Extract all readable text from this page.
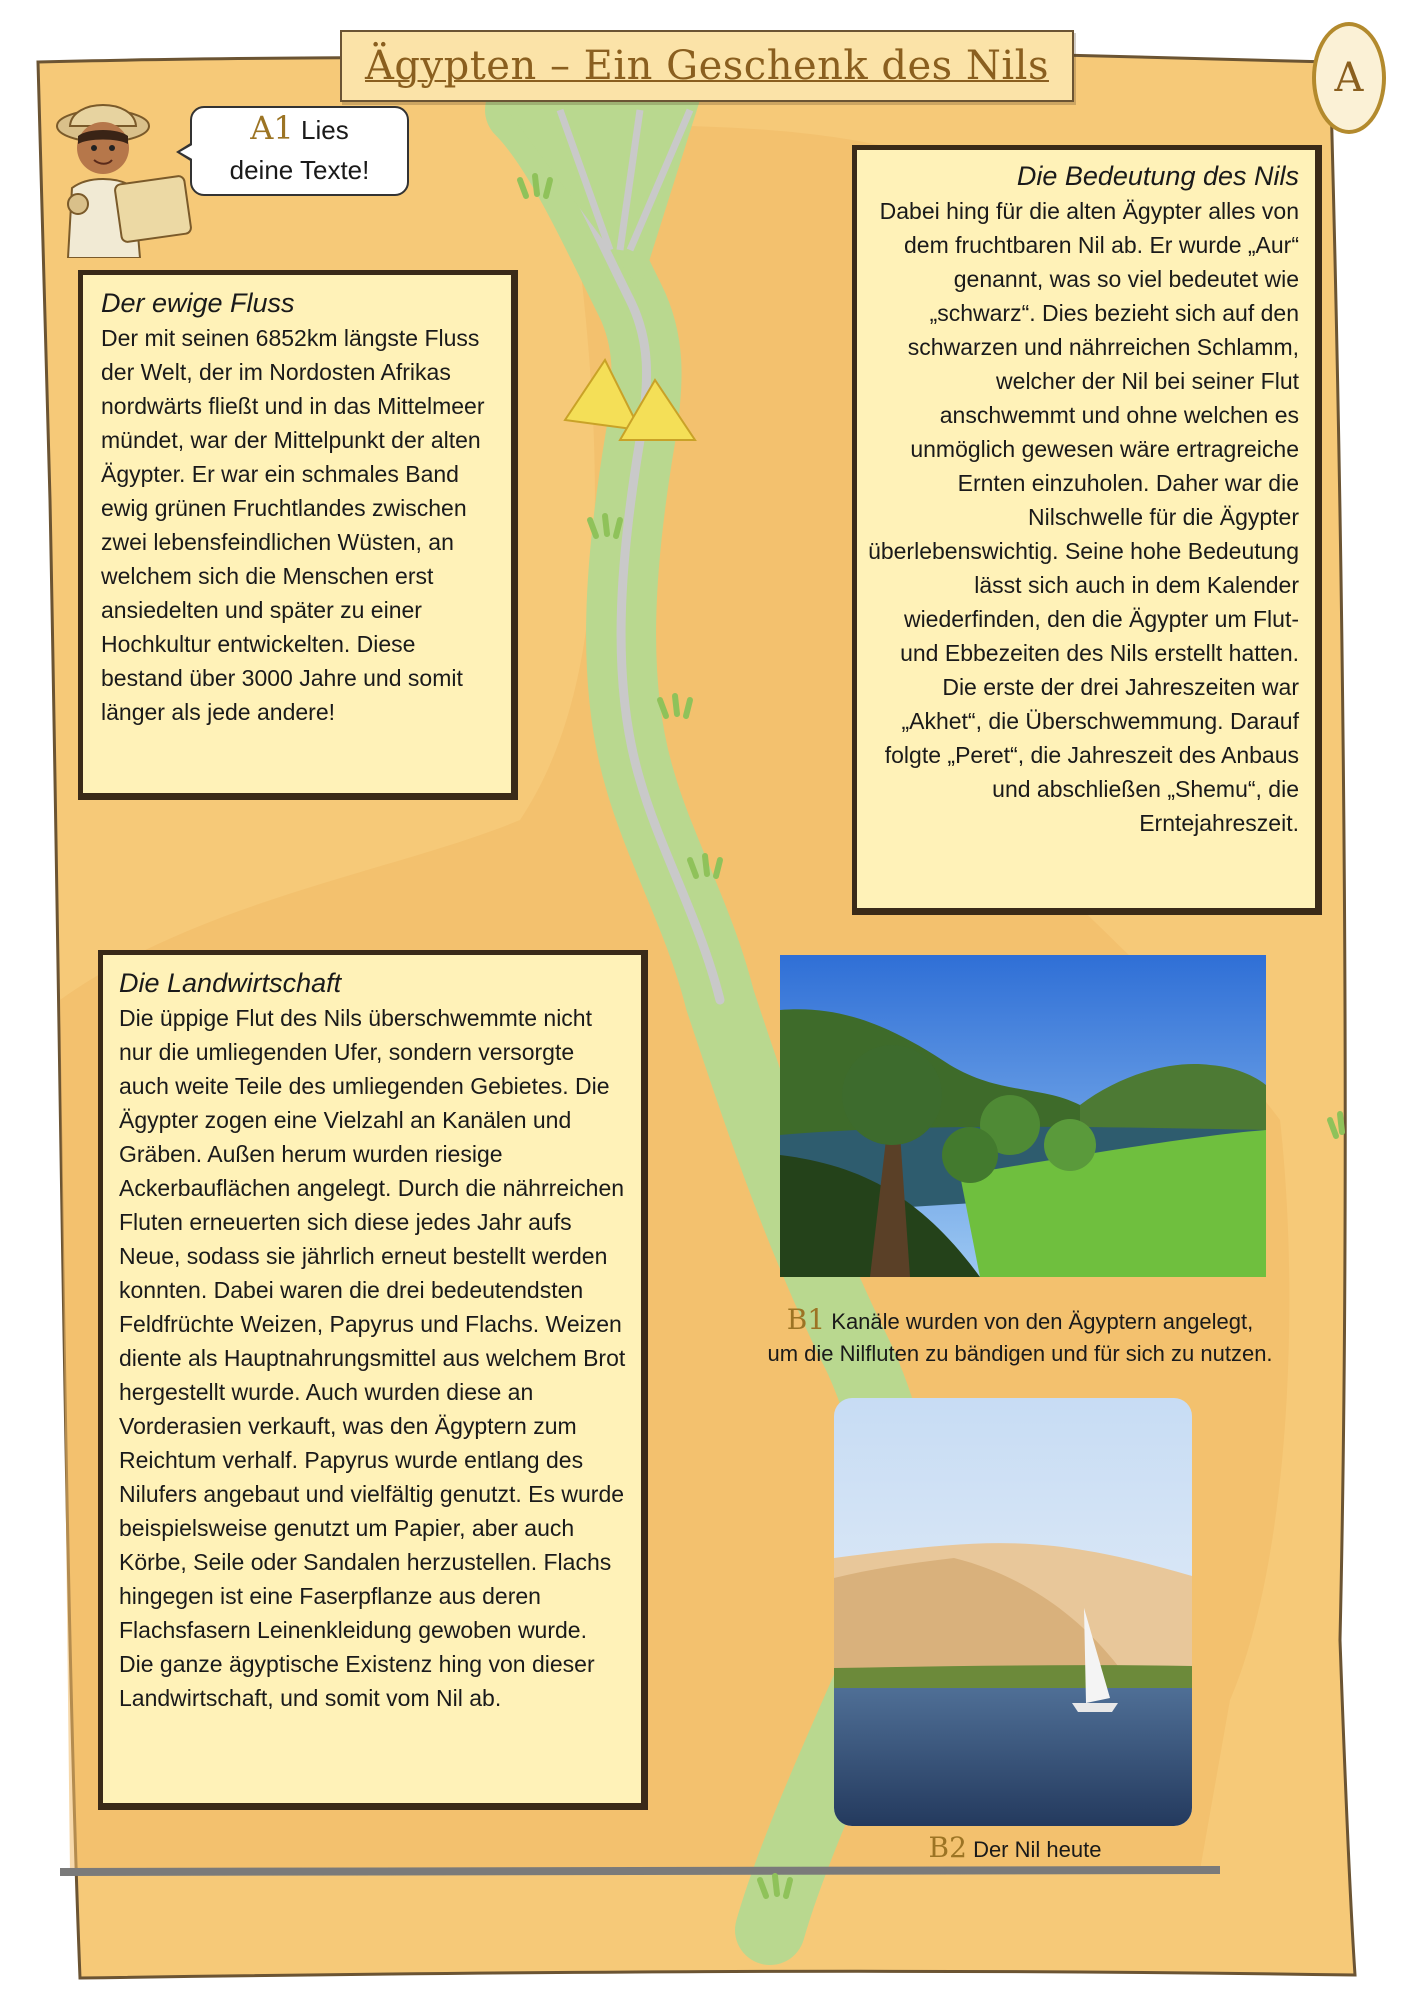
Ägypten – Ein Geschenk des Nils	A
A1 Lies
deine Texte!
Der ewige Fluss

Der mit seinen 6852km längste Fluss der Welt, der im Nordosten Afrikas nordwärts fließt und in das Mittelmeer mündet, war der Mittelpunkt der alten Ägypter. Er war ein schmales Band ewig grünen Fruchtlandes zwischen zwei lebensfeindlichen Wüsten, an welchem sich die Menschen erst ansiedelten und später zu einer Hochkultur entwickelten. Diese bestand über 3000 Jahre und somit länger als jede andere!

Die Bedeutung des Nils

Dabei hing für die alten Ägypter alles von dem fruchtbaren Nil ab. Er wurde „Aur“ genannt, was so viel bedeutet wie „schwarz“. Dies bezieht sich auf den schwarzen und nährreichen Schlamm, welcher der Nil bei seiner Flut anschwemmt und ohne welchen es unmöglich gewesen wäre ertragreiche Ernten einzuholen. Daher war die Nilschwelle für die Ägypter überlebenswichtig. Seine hohe Bedeutung lässt sich auch in dem Kalender wiederfinden, den die Ägypter um Flut- und Ebbezeiten des Nils erstellt hatten. Die erste der drei Jahreszeiten war „Akhet“, die Überschwemmung. Darauf folgte „Peret“, die Jahreszeit des Anbaus und abschließen „Shemu“, die Erntejahreszeit.

Die Landwirtschaft

Die üppige Flut des Nils überschwemmte nicht nur die umliegenden Ufer, sondern versorgte auch weite Teile des umliegenden Gebietes. Die Ägypter zogen eine Vielzahl an Kanälen und Gräben. Außen herum wurden riesige Ackerbauflächen angelegt. Durch die nährreichen Fluten erneuerten sich diese jedes Jahr aufs Neue, sodass sie jährlich erneut bestellt werden konnten. Dabei waren die drei bedeutendsten Feldfrüchte Weizen, Papyrus und Flachs. Weizen diente als Hauptnahrungsmittel aus welchem Brot hergestellt wurde. Auch wurden diese an Vorderasien verkauft, was den Ägyptern zum Reichtum verhalf. Papyrus wurde entlang des Nilufers angebaut und vielfältig genutzt. Es wurde beispielsweise genutzt um Papier, aber auch Körbe, Seile oder Sandalen herzustellen. Flachs hingegen ist eine Faserpflanze aus deren Flachsfasern Leinenkleidung gewoben wurde. Die ganze ägyptische Existenz hing von dieser Landwirtschaft, und somit vom Nil ab.

B1 Kanäle wurden von den Ägyptern angelegt,
um die Nilfluten zu bändigen und für sich zu nutzen.
B2 Der Nil heute
